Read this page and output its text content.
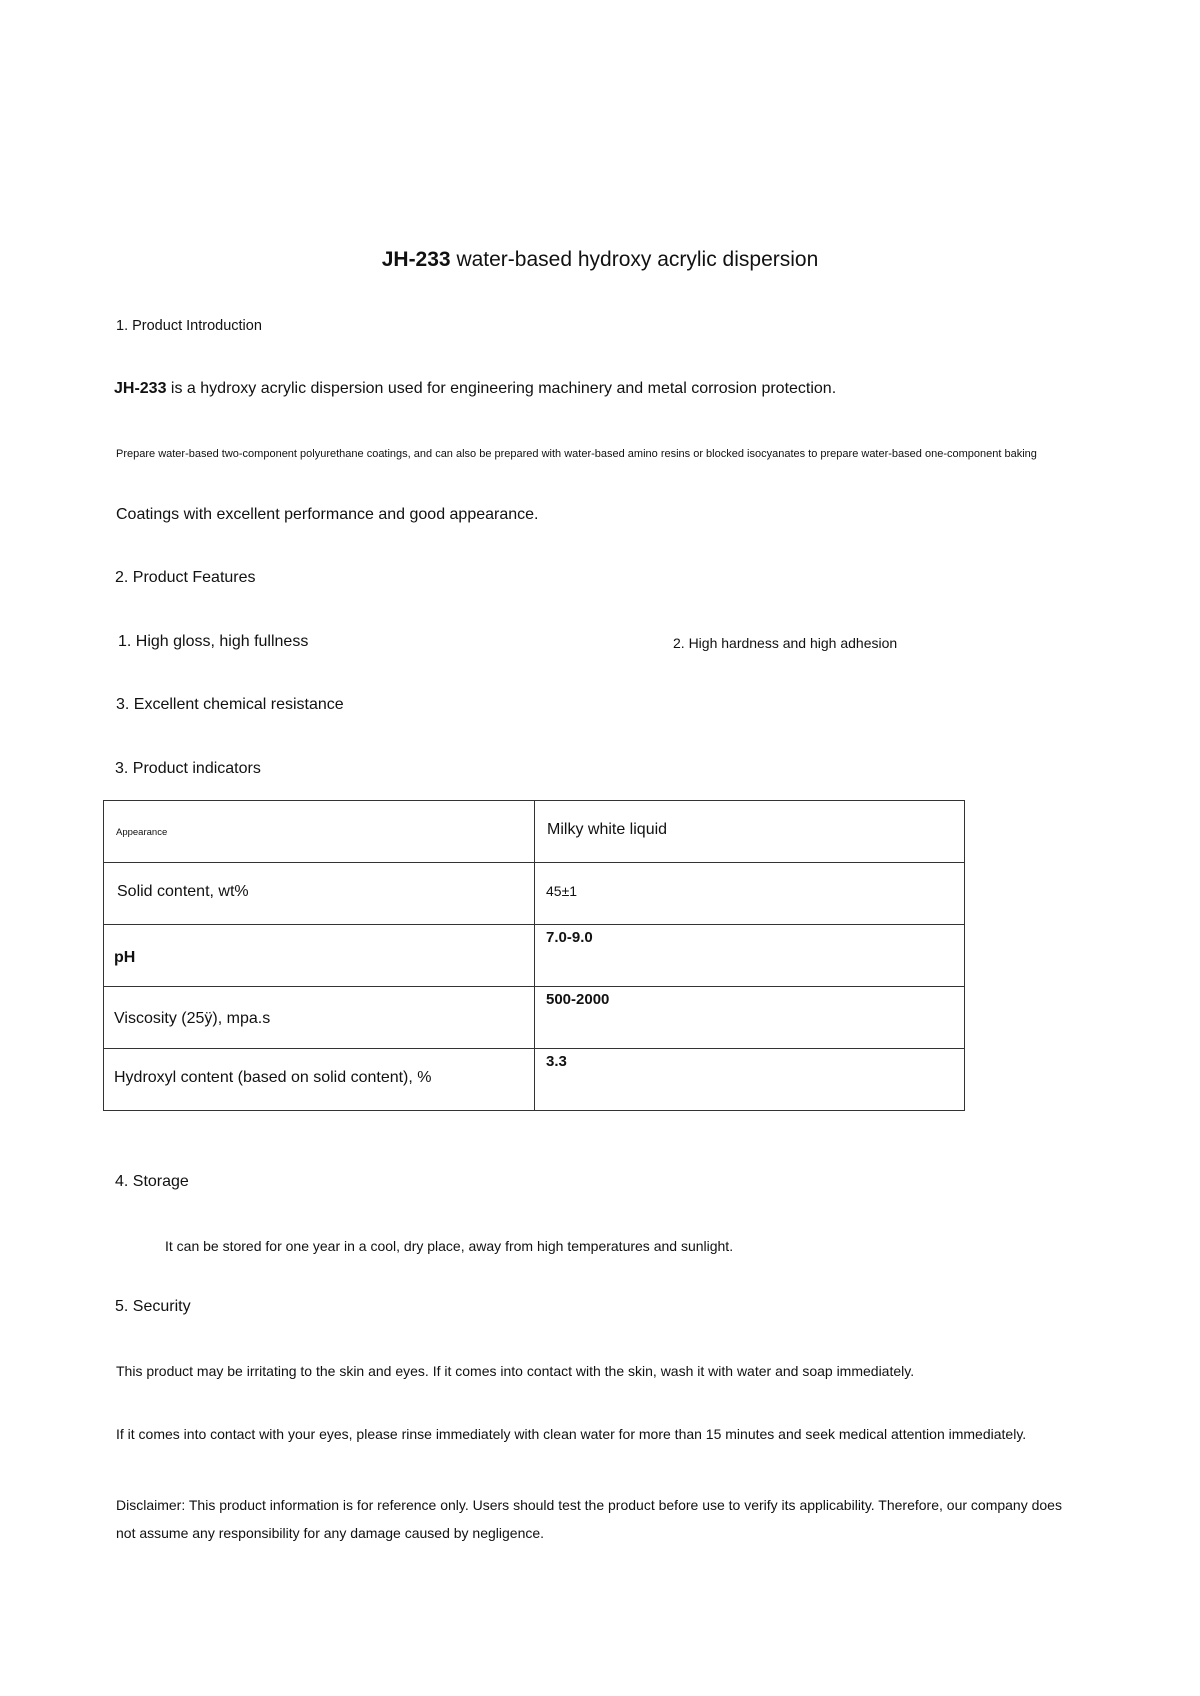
JH-233 water-based hydroxy acrylic dispersion
1. Product Introduction
JH-233 is a hydroxy acrylic dispersion used for engineering machinery and metal corrosion protection.
Prepare water-based two-component polyurethane coatings, and can also be prepared with water-based amino resins or blocked isocyanates to prepare water-based one-component baking
Coatings with excellent performance and good appearance.
2. Product Features
1. High gloss, high fullness	2. High hardness and high adhesion
3. Excellent chemical resistance
3. Product indicators
Appearance	Milky white liquid

Solid content, wt%	45±1

pH	7.0-9.0

Viscosity (25ÿ), mpa.s	500-2000

Hydroxyl content (based on solid content), %	3.3
4. Storage
It can be stored for one year in a cool, dry place, away from high temperatures and sunlight.
5. Security
This product may be irritating to the skin and eyes. If it comes into contact with the skin, wash it with water and soap immediately.
If it comes into contact with your eyes, please rinse immediately with clean water for more than 15 minutes and seek medical attention immediately.
Disclaimer: This product information is for reference only. Users should test the product before use to verify its applicability. Therefore, our company does
not assume any responsibility for any damage caused by negligence.
